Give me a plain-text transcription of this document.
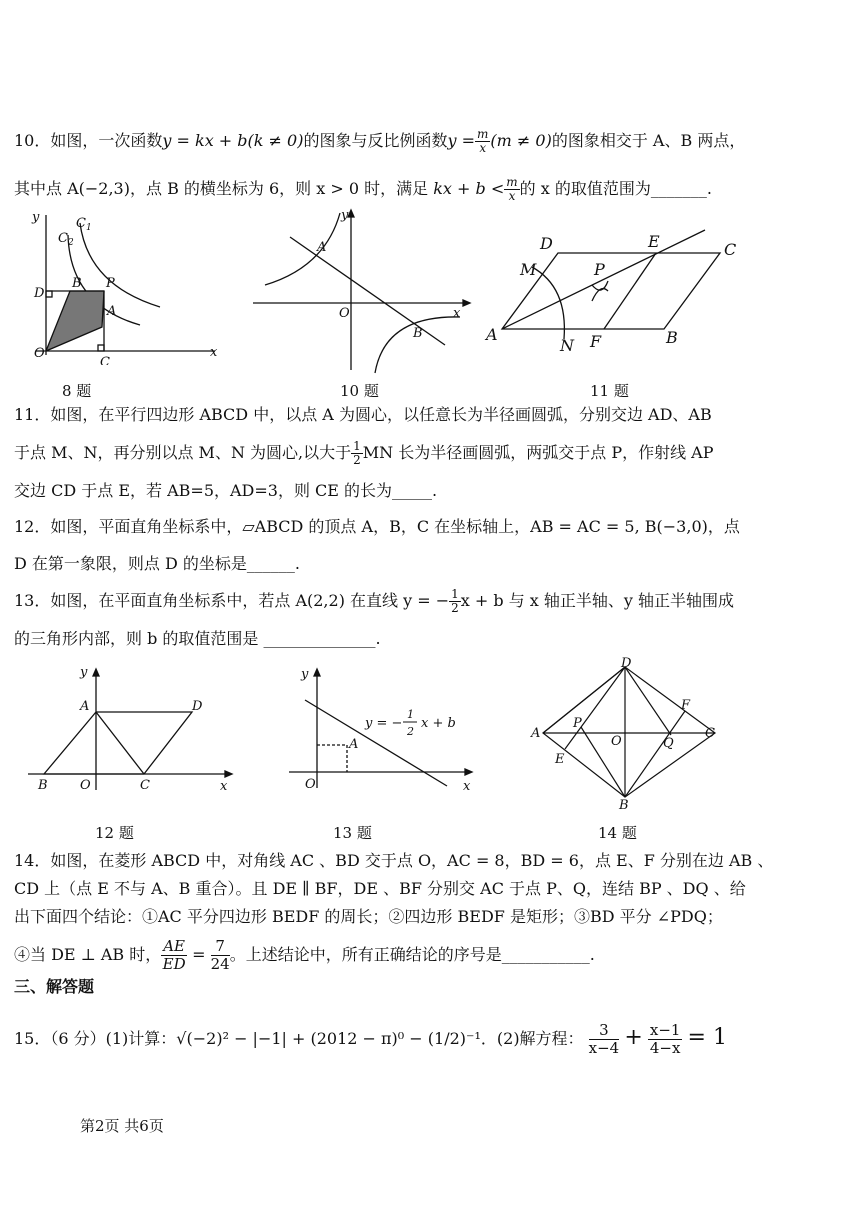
10．如图，一次函数y = kx + b(k ≠ 0)的图象与反比例函数$y = \frac{m}{x} (m \ne 0)$的图象相交于 A、B 两点，
其中点 A(−2,3)，点 B 的横坐标为 6，则 x > 0 时，满足 kx + $b < \frac{m}{x}$ 的 x 的取值范围为_______.
y
x
O
$C_1$
$C_2$
B P
D
A
C
8 题
y
x
O
A
B
10 题
D	E	C
M	P
A
N F	B
11 题
11．如图，在平行四边形 ABCD 中，以点 A 为圆心，以任意长为半径画圆弧，分别交边 AD、AB
于点 M、N，再分别以点 M、N 为圆心,以大于 $\frac{1}{2}$ MN 长为半径画圆弧，两弧交于点 P，作射线 AP
交边 CD 于点 E，若 AB=5，AD=3，则 CE 的长为_____.
12．如图，平面直角坐标系中，▱ABCD 的顶点 A，B，C 在坐标轴上，AB = AC = 5, B(−3,0)，点
D 在第一象限，则点 D 的坐标是______.
13．如图，在平面直角坐标系中，若点 A(2,2) 在直线 y = − $\frac{1}{2}$ x + b 与 x 轴正半轴、y 轴正半轴围成
的三角形内部，则 b 的取值范围是 ______________.
y
x
A	D
B O	C
12 题
y
x
O
A
y = −
1
2
x + b
13 题
D
F
A
P
O	Q
C
E
B
14 题
14．如图，在菱形 ABCD 中，对角线 AC 、BD 交于点 O，AC = 8，BD = 6，点 E、F 分别在边 AB 、
CD 上（点 E 不与 A、B 重合）。且 DE ∥ BF，DE 、BF 分别交 AC 于点 P、Q，连结 BP 、DQ 、给
出下面四个结论：①AC 平分四边形 BEDF 的周长；②四边形 BEDF 是矩形；③BD 平分 ∠PDQ；
④当 DE ⊥ AB 时， $\frac{AE}{ED} = \frac{7}{24}$ 。上述结论中，所有正确结论的序号是___________.
三、解答题
15．（6 分）(1)计算：√(−2)² − |−1| + (2012 − π)⁰ − (1/2)⁻¹．(2)解方程： $\frac{3}{x-4} + \frac{x-1}{4-x} = 1$
第2页 共6页
